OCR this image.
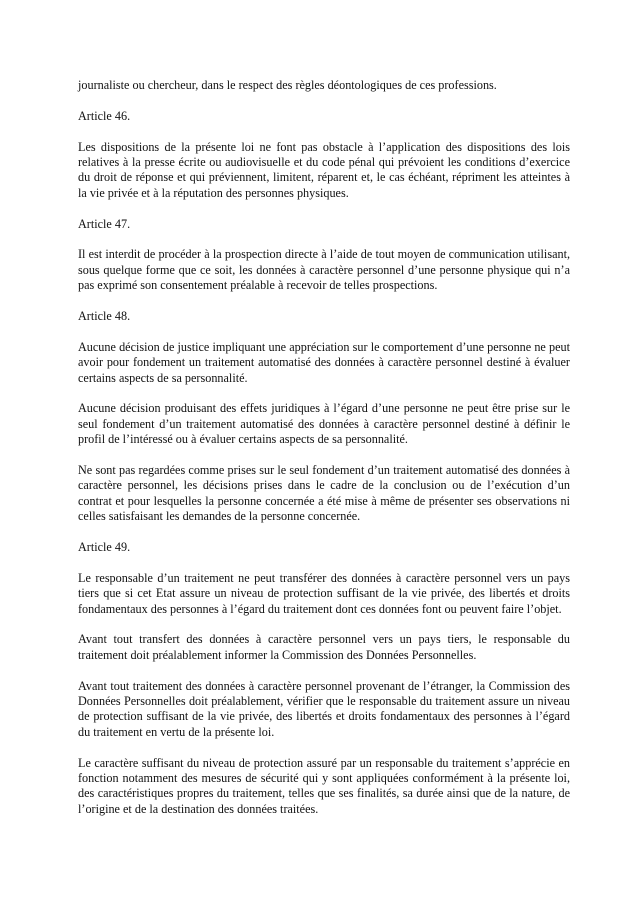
journaliste ou chercheur, dans le respect des règles déontologiques de ces professions.

Article 46.

Les dispositions de la présente loi ne font pas obstacle à l’application des dispositions des lois relatives à la presse écrite ou audiovisuelle et du code pénal qui prévoient les conditions d’exercice du droit de réponse et qui préviennent, limitent, réparent et, le cas échéant, répriment les atteintes à la vie privée et à la réputation des personnes physiques.

Article 47.

Il est interdit de procéder à la prospection directe à l’aide de tout moyen de communication utilisant, sous quelque forme que ce soit, les données à caractère personnel d’une personne physique qui n’a pas exprimé son consentement préalable à recevoir de telles prospections.

Article 48.

Aucune décision de justice impliquant une appréciation sur le comportement d’une personne ne peut avoir pour fondement un traitement automatisé des données à caractère personnel destiné à évaluer certains aspects de sa personnalité.

Aucune décision produisant des effets juridiques à l’égard d’une personne ne peut être prise sur le seul fondement d’un traitement automatisé des données à caractère personnel destiné à définir le profil de l’intéressé ou à évaluer certains aspects de sa personnalité.

Ne sont pas regardées comme prises sur le seul fondement d’un traitement automatisé des données à caractère personnel, les décisions prises dans le cadre de la conclusion ou de l’exécution d’un contrat et pour lesquelles la personne concernée a été mise à même de présenter ses observations ni celles satisfaisant les demandes de la personne concernée.

Article 49.

Le responsable d’un traitement ne peut transférer des données à caractère personnel vers un pays tiers que si cet Etat assure un niveau de protection suffisant de la vie privée, des libertés et droits fondamentaux des personnes à l’égard du traitement dont ces données font ou peuvent faire l’objet.

Avant tout transfert des données à caractère personnel vers un pays tiers, le responsable du traitement doit préalablement informer la Commission des Données Personnelles.

Avant tout traitement des données à caractère personnel provenant de l’étranger, la Commission des Données Personnelles doit préalablement, vérifier que le responsable du traitement assure un niveau de protection suffisant de la vie privée, des libertés et droits fondamentaux des personnes à l’égard du traitement en vertu de la présente loi.

Le caractère suffisant du niveau de protection assuré par un responsable du traitement s’apprécie en fonction notamment des mesures de sécurité qui y sont appliquées conformément à la présente loi, des caractéristiques propres du traitement, telles que ses finalités, sa durée ainsi que de la nature, de l’origine et de la destination des données traitées.
